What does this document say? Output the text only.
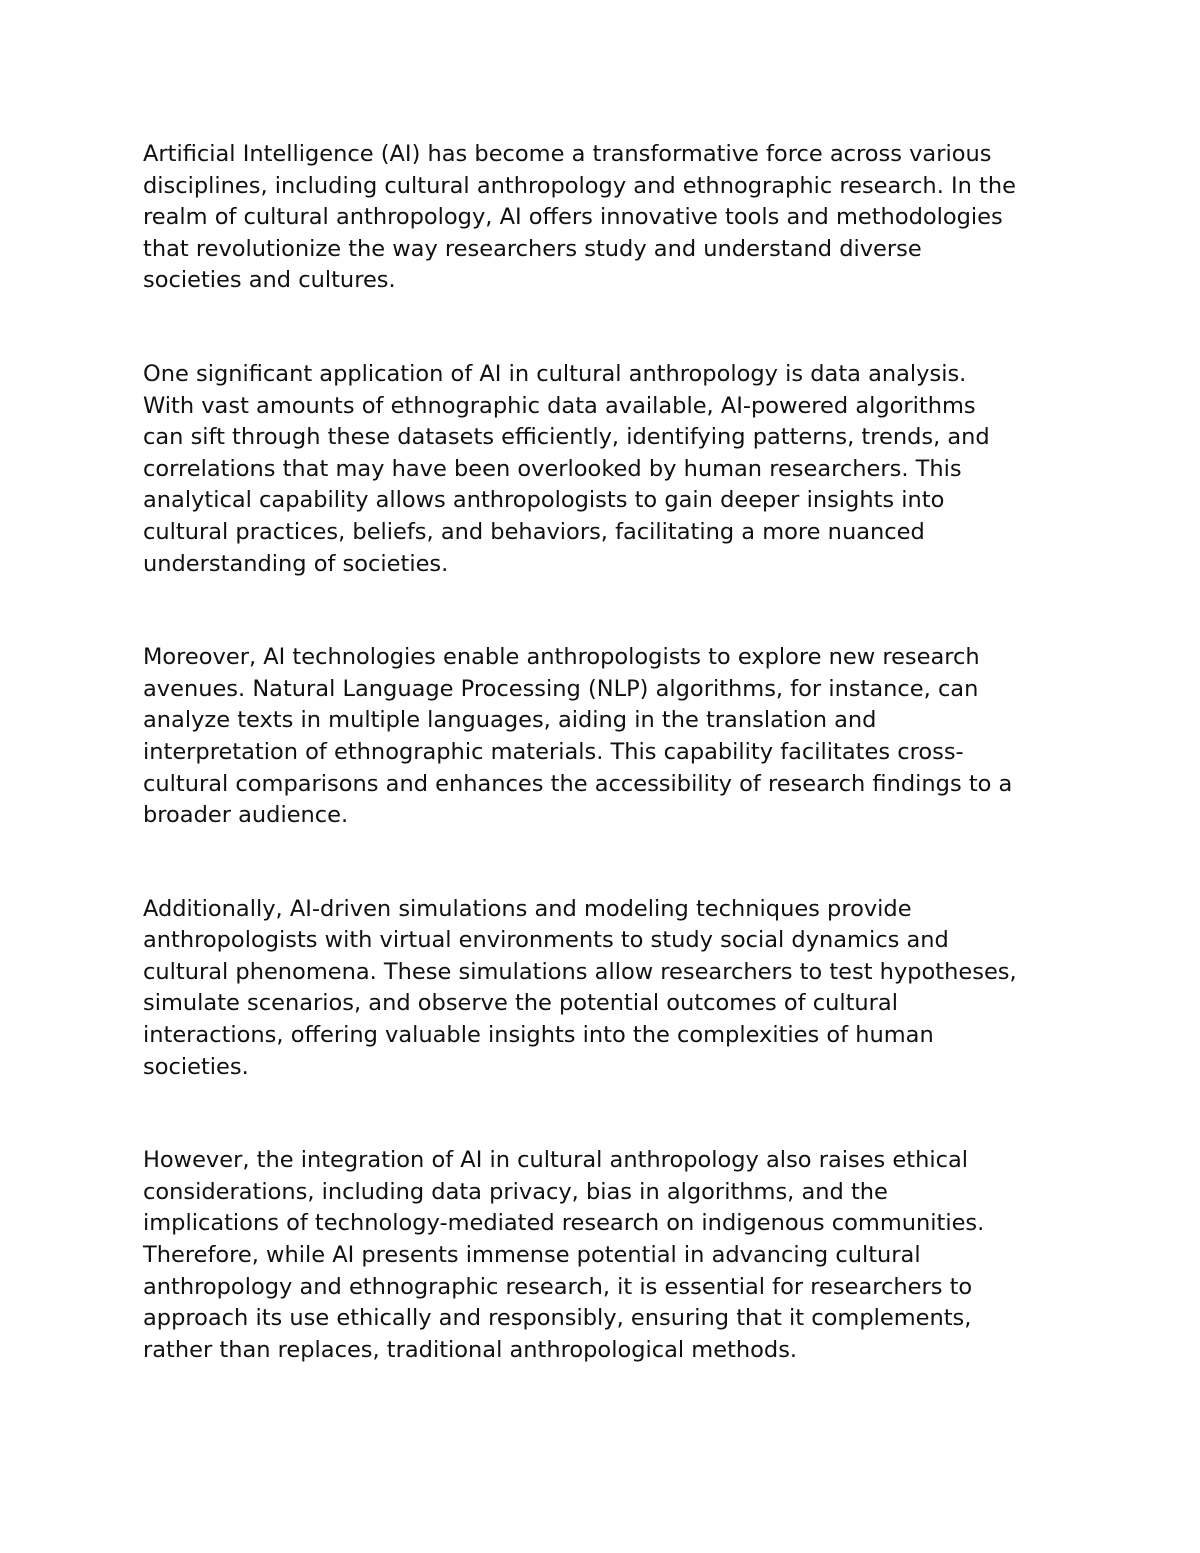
Artificial Intelligence (AI) has become a transformative force across various
disciplines, including cultural anthropology and ethnographic research. In the
realm of cultural anthropology, AI offers innovative tools and methodologies
that revolutionize the way researchers study and understand diverse
societies and cultures.

One significant application of AI in cultural anthropology is data analysis.
With vast amounts of ethnographic data available, AI-powered algorithms
can sift through these datasets efficiently, identifying patterns, trends, and
correlations that may have been overlooked by human researchers. This
analytical capability allows anthropologists to gain deeper insights into
cultural practices, beliefs, and behaviors, facilitating a more nuanced
understanding of societies.

Moreover, AI technologies enable anthropologists to explore new research
avenues. Natural Language Processing (NLP) algorithms, for instance, can
analyze texts in multiple languages, aiding in the translation and
interpretation of ethnographic materials. This capability facilitates cross-
cultural comparisons and enhances the accessibility of research findings to a
broader audience.

Additionally, AI-driven simulations and modeling techniques provide
anthropologists with virtual environments to study social dynamics and
cultural phenomena. These simulations allow researchers to test hypotheses,
simulate scenarios, and observe the potential outcomes of cultural
interactions, offering valuable insights into the complexities of human
societies.

However, the integration of AI in cultural anthropology also raises ethical
considerations, including data privacy, bias in algorithms, and the
implications of technology-mediated research on indigenous communities.
Therefore, while AI presents immense potential in advancing cultural
anthropology and ethnographic research, it is essential for researchers to
approach its use ethically and responsibly, ensuring that it complements,
rather than replaces, traditional anthropological methods.
